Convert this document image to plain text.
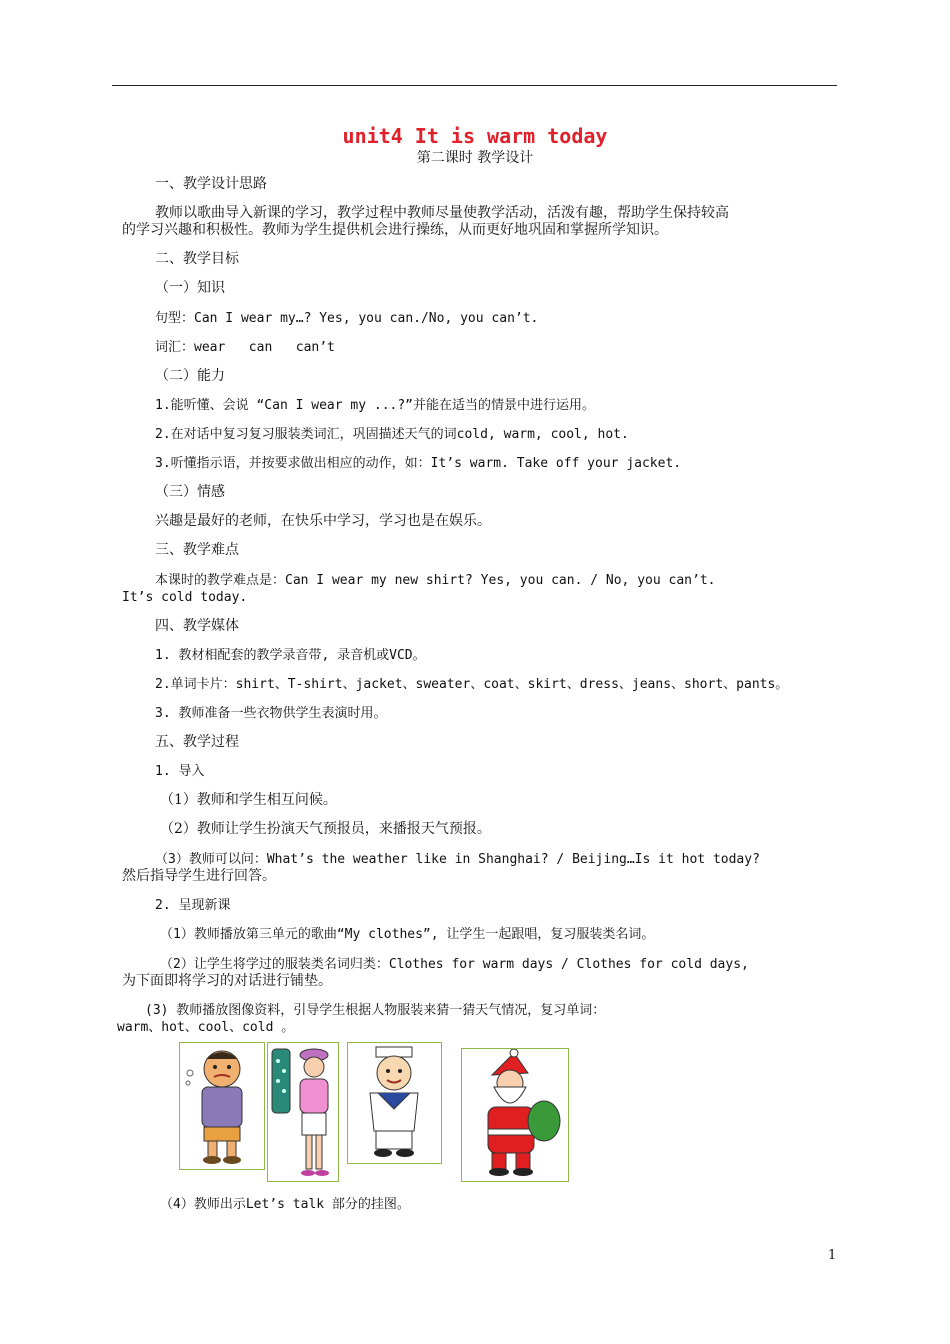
unit4 It is warm today
第二课时 教学设计
一、教学设计思路
教师以歌曲导入新课的学习，教学过程中教师尽量使教学活动，活泼有趣，帮助学生保持较高
的学习兴趣和积极性。教师为学生提供机会进行操练，从而更好地巩固和掌握所学知识。
二、教学目标
（一）知识
句型：Can I wear my…? Yes, you can./No, you can’t.
词汇：wear   can   can’t
（二）能力
1.能听懂、会说 “Can I wear my ...?”并能在适当的情景中进行运用。
2.在对话中复习复习服装类词汇，巩固描述天气的词cold, warm, cool, hot.
3.听懂指示语，并按要求做出相应的动作，如：It’s warm. Take off your jacket.
（三）情感
兴趣是最好的老师，在快乐中学习，学习也是在娱乐。
三、教学难点
本课时的教学难点是：Can I wear my new shirt? Yes, you can. / No, you can’t.
It’s cold today.
四、教学媒体
1. 教材相配套的教学录音带, 录音机或VCD。
2.单词卡片：shirt、T-shirt、jacket、sweater、coat、skirt、dress、jeans、short、pants。
3. 教师准备一些衣物供学生表演时用。
五、教学过程
1. 导入
（1）教师和学生相互问候。
（2）教师让学生扮演天气预报员，来播报天气预报。
（3）教师可以问：What’s the weather like in Shanghai? / Beijing…Is it hot today?
然后指导学生进行回答。
2. 呈现新课
（1）教师播放第三单元的歌曲“My clothes”, 让学生一起跟唱，复习服装类名词。
（2）让学生将学过的服装类名词归类：Clothes for warm days / Clothes for cold days,
为下面即将学习的对话进行铺垫。
(3) 教师播放图像资料，引导学生根据人物服装来猜一猜天气情况，复习单词：
warm、hot、cool、cold 。
（4）教师出示Let’s talk 部分的挂图。
1
